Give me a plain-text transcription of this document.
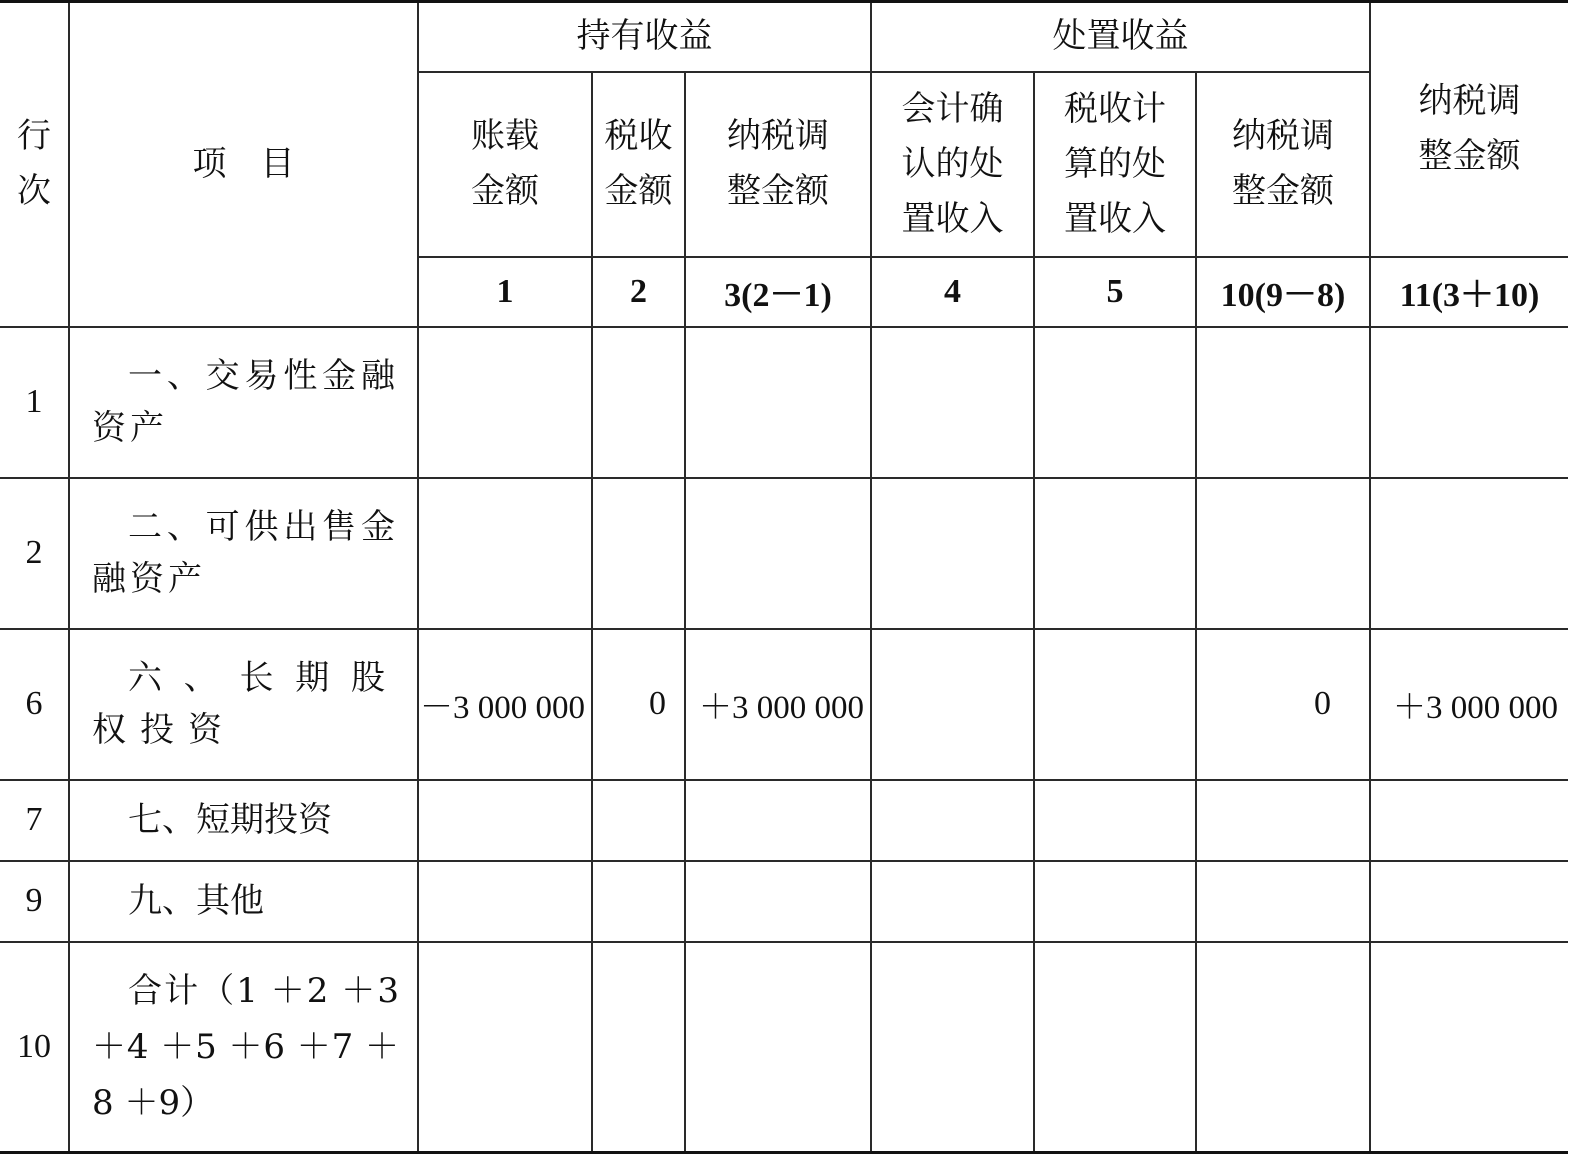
行次	项　目	持有收益			处置收益			纳税调整金额

		账载金额	税收金额	纳税调整金额	会计确认的处置收入	税收计算的处置收入	纳税调整金额	

		1	2	3(2－1)	4	5	10(9－8)	11(3＋10)
1	一、交易性金融资产							
2	二、可供出售金融资产							
6	六、长期股权投资	－3 000 000	0	＋3 000 000			0	＋3 000 000
7	七、短期投资							
9	九、其他							
10	合计（1 ＋2 ＋3 ＋4 ＋5 ＋6 ＋7 ＋8 ＋9）							
